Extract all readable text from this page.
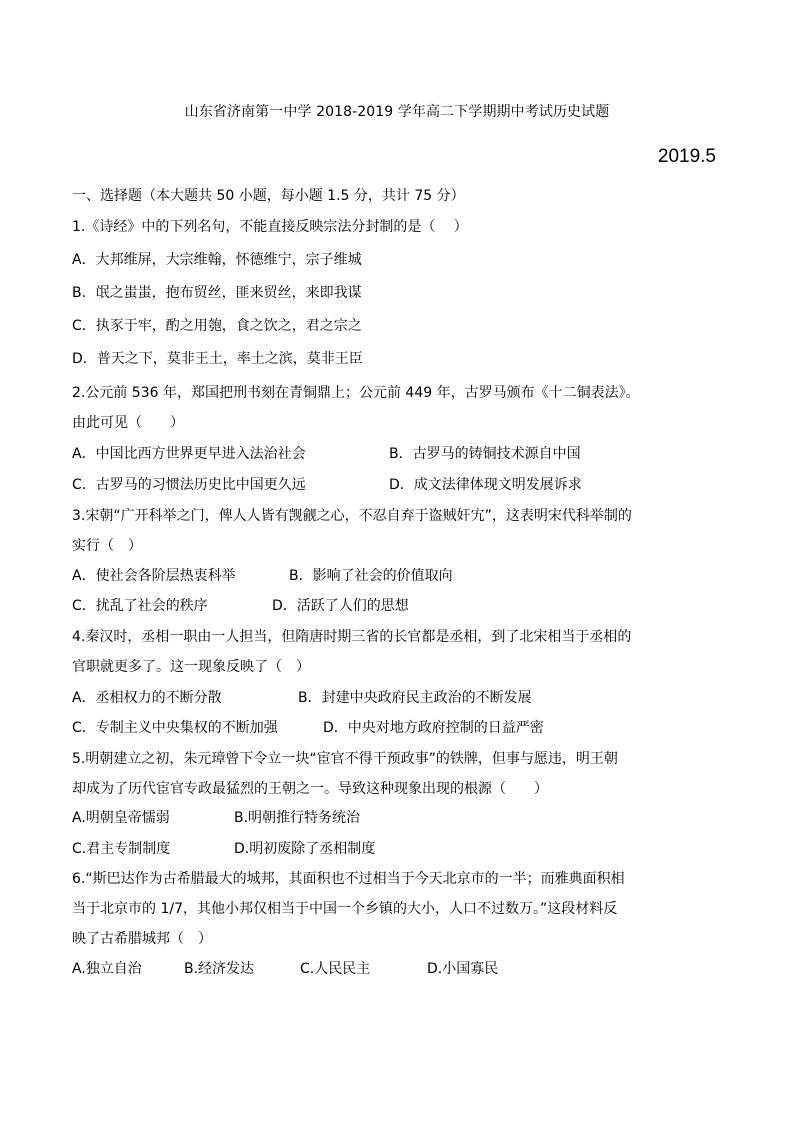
山东省济南第一中学 2018-2019 学年高二下学期期中考试历史试题
2019.5
一、选择题（本大题共 50 小题，每小题 1.5 分，共计 75 分）
1.《诗经》中的下列名句，不能直接反映宗法分封制的是（　 ）
A．大邦维屏，大宗维翰，怀德维宁，宗子维城
B．氓之蚩蚩，抱布贸丝，匪来贸丝，来即我谋
C．执豕于牢，酌之用匏，食之饮之，君之宗之
D．普天之下，莫非王土，率土之滨，莫非王臣
2.公元前 536 年，郑国把刑书刻在青铜鼎上；公元前 449 年，古罗马颁布《十二铜表法》。
由此可见（　　）
A．中国比西方世界更早进入法治社会	B．古罗马的铸铜技术源自中国
C．古罗马的习惯法历史比中国更久远	D．成文法律体现文明发展诉求
3.宋朝“广开科举之门，俾人人皆有觊觎之心，不忍自弃于盗贼奸宄”，这表明宋代科举制的
实行（　）
A．使社会各阶层热衷科举	B．影响了社会的价值取向
C．扰乱了社会的秩序	D．活跃了人们的思想
4.秦汉时，丞相一职由一人担当，但隋唐时期三省的长官都是丞相，到了北宋相当于丞相的
官职就更多了。这一现象反映了（　）
A．丞相权力的不断分散	B．封建中央政府民主政治的不断发展
C．专制主义中央集权的不断加强	D．中央对地方政府控制的日益严密
5.明朝建立之初，朱元璋曾下令立一块“宦官不得干预政事”的铁牌，但事与愿违，明王朝
却成为了历代宦官专政最猛烈的王朝之一。导致这种现象出现的根源（　　）
A.明朝皇帝懦弱	B.明朝推行特务统治
C.君主专制制度	D.明初废除了丞相制度
6.“斯巴达作为古希腊最大的城邦，其面积也不过相当于今天北京市的一半；而雅典面积相
当于北京市的 1/7，其他小邦仅相当于中国一个乡镇的大小，人口不过数万。”这段材料反
映了古希腊城邦（　）
A.独立自治	B.经济发达	C.人民民主	D.小国寡民
